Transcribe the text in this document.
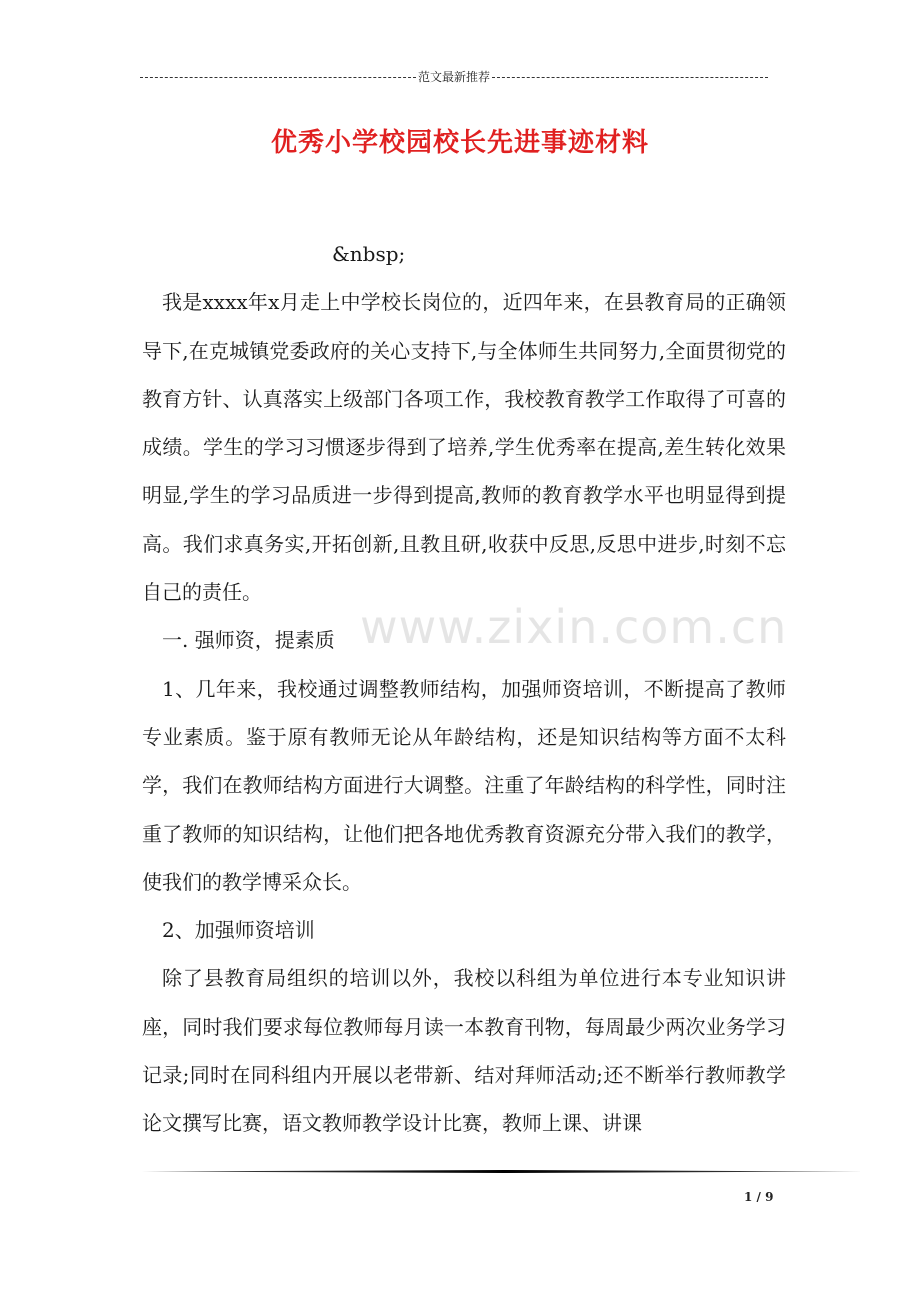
范文最新推荐
优秀小学校园校长先进事迹材料

&nbsp;

我是xxxx年x月走上中学校长岗位的，近四年来，在县教育局的正确领导下,在克城镇党委政府的关心支持下,与全体师生共同努力,全面贯彻党的教育方针、认真落实上级部门各项工作，我校教育教学工作取得了可喜的成绩。学生的学习习惯逐步得到了培养,学生优秀率在提高,差生转化效果明显,学生的学习品质进一步得到提高,教师的教育教学水平也明显得到提高。我们求真务实,开拓创新,且教且研,收获中反思,反思中进步,时刻不忘自己的责任。

一. 强师资，提素质

1、几年来，我校通过调整教师结构，加强师资培训，不断提高了教师专业素质。鉴于原有教师无论从年龄结构，还是知识结构等方面不太科学，我们在教师结构方面进行大调整。注重了年龄结构的科学性，同时注重了教师的知识结构，让他们把各地优秀教育资源充分带入我们的教学，使我们的教学博采众长。

2、加强师资培训

除了县教育局组织的培训以外，我校以科组为单位进行本专业知识讲座，同时我们要求每位教师每月读一本教育刊物，每周最少两次业务学习记录;同时在同科组内开展以老带新、结对拜师活动;还不断举行教师教学论文撰写比赛，语文教师教学设计比赛，教师上课、讲课

www.zixin.com.cn
1 / 9
